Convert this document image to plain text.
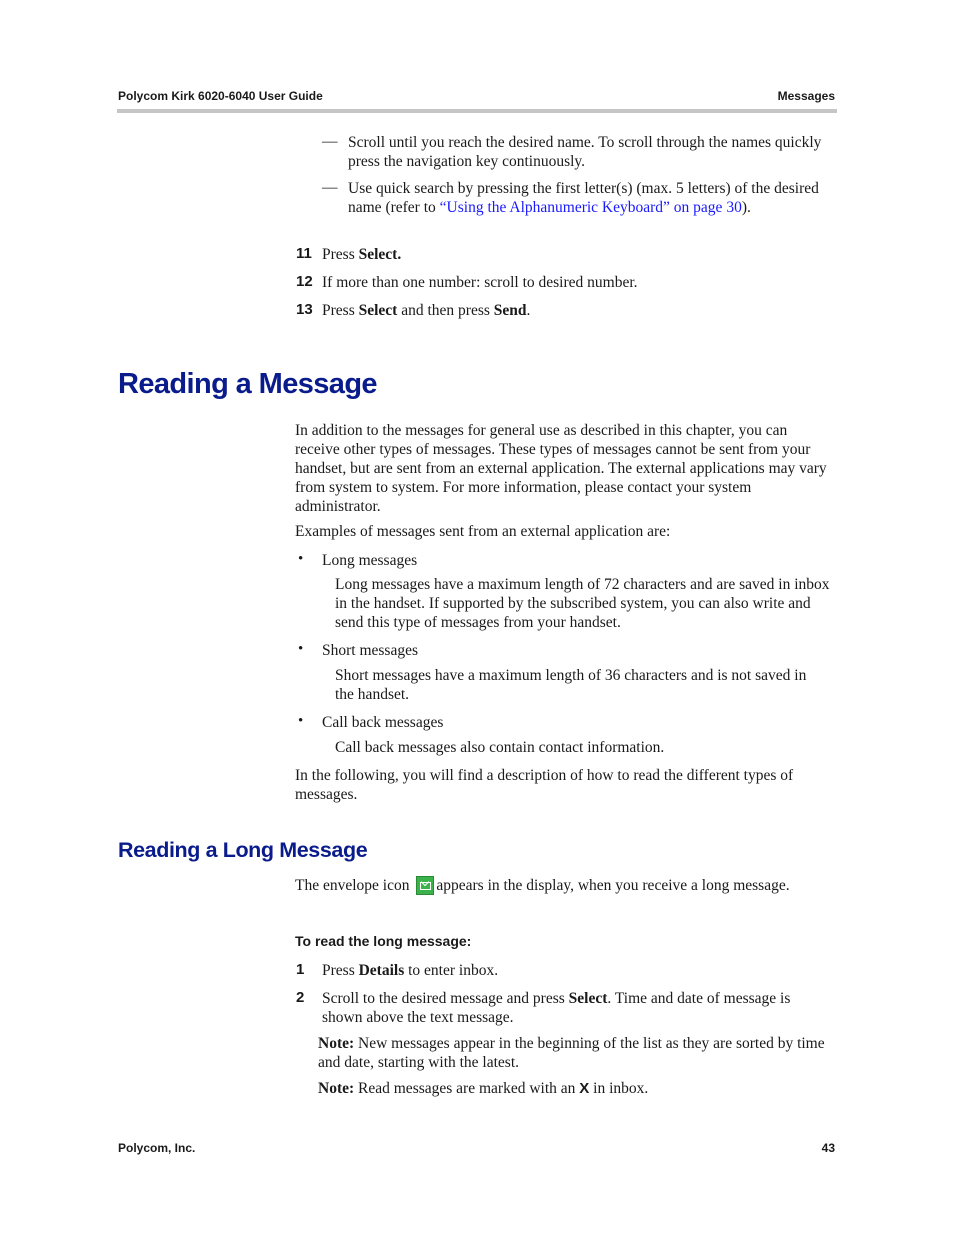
Polycom Kirk 6020-6040 User Guide	Messages
— Scroll until you reach the desired name. To scroll through the names quickly press the navigation key continuously.

— Use quick search by pressing the first letter(s) (max. 5 letters) of the desired name (refer to “Using the Alphanumeric Keyboard” on page 30).

11 Press Select.

12 If more than one number: scroll to desired number.

13 Press Select and then press Send.

Reading a Message

In addition to the messages for general use as described in this chapter, you can receive other types of messages. These types of messages cannot be sent from your handset, but are sent from an external application. The external applications may vary from system to system. For more information, please contact your system administrator.

Examples of messages sent from an external application are:

• Long messages

Long messages have a maximum length of 72 characters and are saved in inbox in the handset. If supported by the subscribed system, you can also write and send this type of messages from your handset.

• Short messages

Short messages have a maximum length of 36 characters and is not saved in the handset.

• Call back messages

Call back messages also contain contact information.

In the following, you will find a description of how to read the different types of messages.

Reading a Long Message

The envelope icon appears in the display, when you receive a long message.

To read the long message:
1 Press Details to enter inbox.

2 Scroll to the desired message and press Select. Time and date of message is shown above the text message.

Note: New messages appear in the beginning of the list as they are sorted by time and date, starting with the latest.

Note: Read messages are marked with an X in inbox.

Polycom, Inc.	43
